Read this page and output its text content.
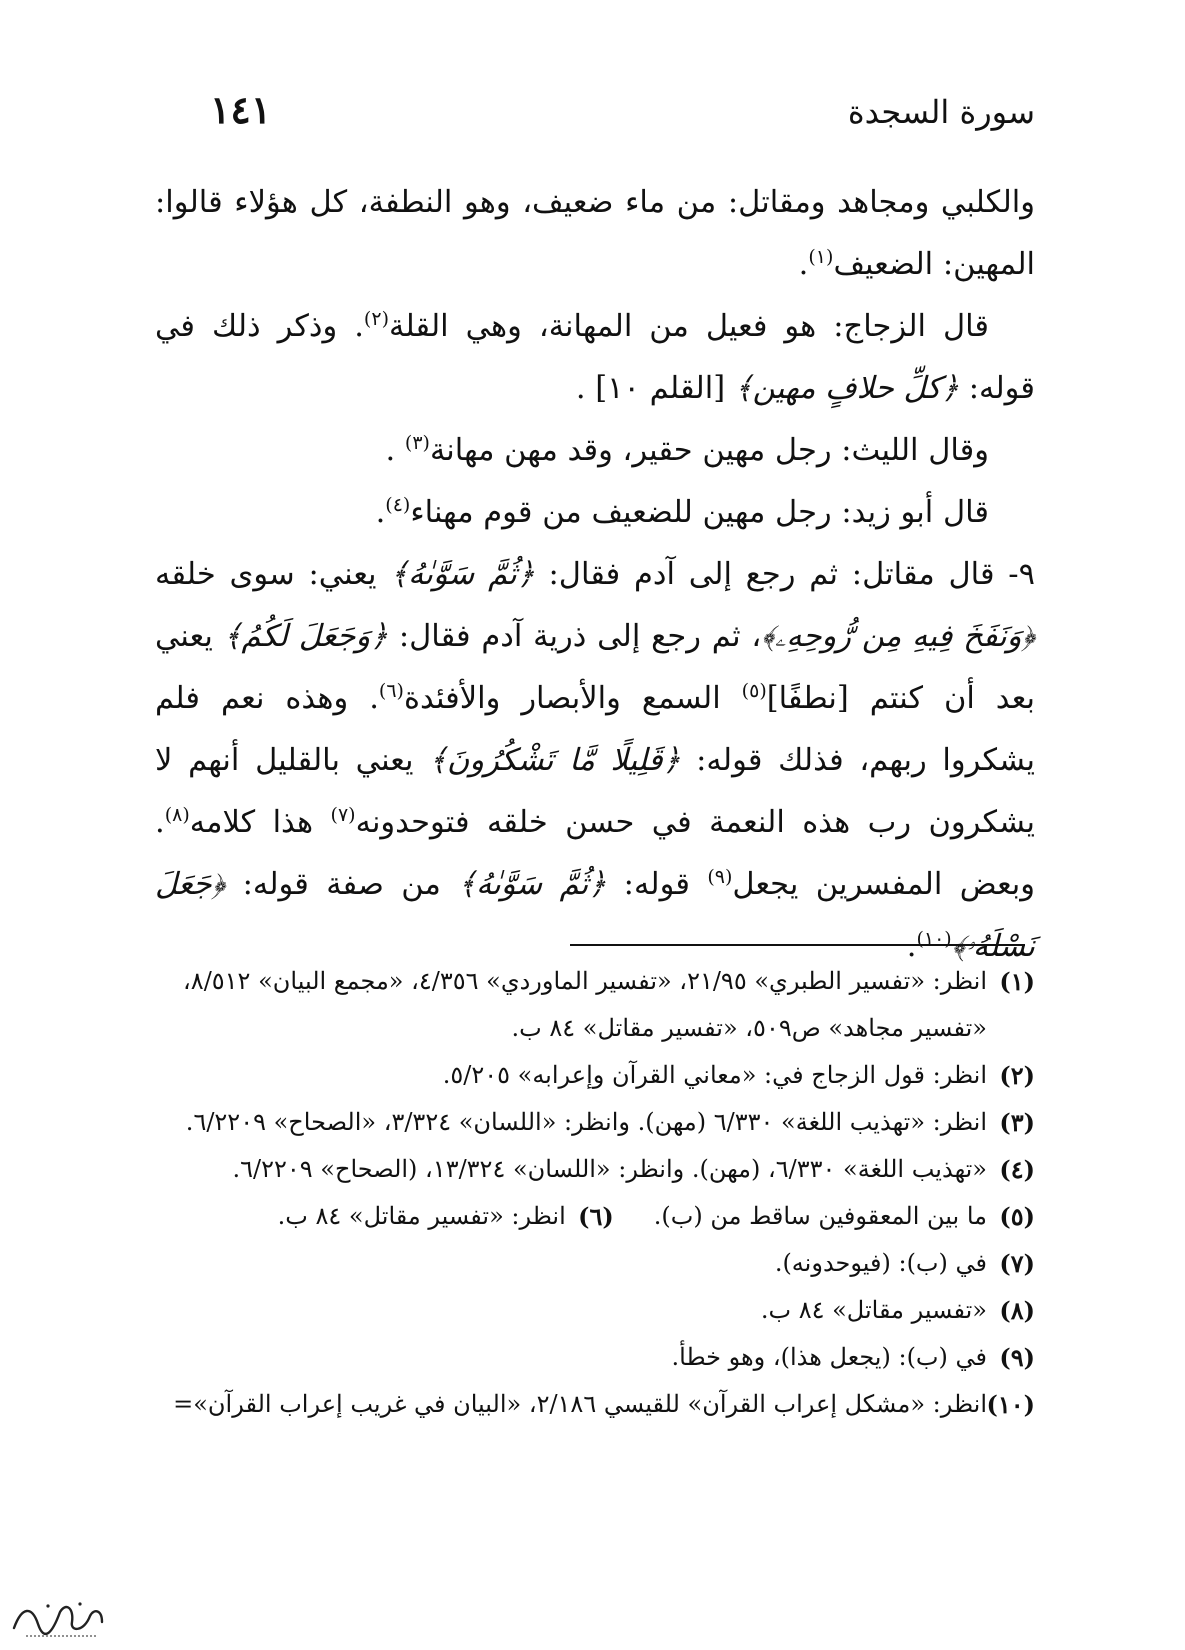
سورة السجدة
١٤١

والكلبي ومجاهد ومقاتل: من ماء ضعيف، وهو النطفة، كل هؤلاء قالوا: المهين: الضعيف$^{(١)}$.

قال الزجاج: هو فعيل من المهانة، وهي القلة$^{(٢)}$. وذكر ذلك في قوله: ﴿كلِّ حلافٍ مهين﴾ [القلم ١٠] .

وقال الليث: رجل مهين حقير، وقد مهن مهانة$^{(٣)}$ .

قال أبو زيد: رجل مهين للضعيف من قوم مهناء$^{(٤)}$.

٩- قال مقاتل: ثم رجع إلى آدم فقال: ﴿ثُمَّ سَوَّىٰهُ﴾ يعني: سوى خلقه ﴿وَنَفَخَ فِيهِ مِن رُّوحِهِۦ﴾، ثم رجع إلى ذرية آدم فقال: ﴿وَجَعَلَ لَكُمُ﴾ يعني بعد أن كنتم [نطفًا]$^{(٥)}$ السمع والأبصار والأفئدة$^{(٦)}$. وهذه نعم فلم يشكروا ربهم، فذلك قوله: ﴿قَلِيلًا مَّا تَشْكُرُونَ﴾ يعني بالقليل أنهم لا يشكرون رب هذه النعمة في حسن خلقه فتوحدونه$^{(٧)}$ هذا كلامه$^{(٨)}$. وبعض المفسرين يجعل$^{(٩)}$ قوله: ﴿ثُمَّ سَوَّىٰهُ﴾ من صفة قوله: ﴿جَعَلَ نَسْلَهُۥ﴾$^{(١٠)}$.

(١)
انظر: «تفسير الطبري» ٢١/٩٥، «تفسير الماوردي» ٤/٣٥٦، «مجمع البيان» ٨/٥١٢، «تفسير مجاهد» ص٥٠٩، «تفسير مقاتل» ٨٤ ب.

(٢)
انظر: قول الزجاج في: «معاني القرآن وإعرابه» ٥/٢٠٥.

(٣)
انظر: «تهذيب اللغة» ٦/٣٣٠ (مهن). وانظر: «اللسان» ٣/٣٢٤، «الصحاح» ٦/٢٢٠٩.

(٤)
«تهذيب اللغة» ٦/٣٣٠، (مهن). وانظر: «اللسان» ١٣/٣٢٤، (الصحاح» ٦/٢٢٠٩.

(٥)
ما بين المعقوفين ساقط من (ب).

(٦)
انظر: «تفسير مقاتل» ٨٤ ب.

(٧)
في (ب): (فيوحدونه).

(٨)
«تفسير مقاتل» ٨٤ ب.

(٩)
في (ب): (يجعل هذا)، وهو خطأ.

(١٠)
انظر: «مشكل إعراب القرآن» للقيسي ٢/١٨٦، «البيان في غريب إعراب القرآن»=
